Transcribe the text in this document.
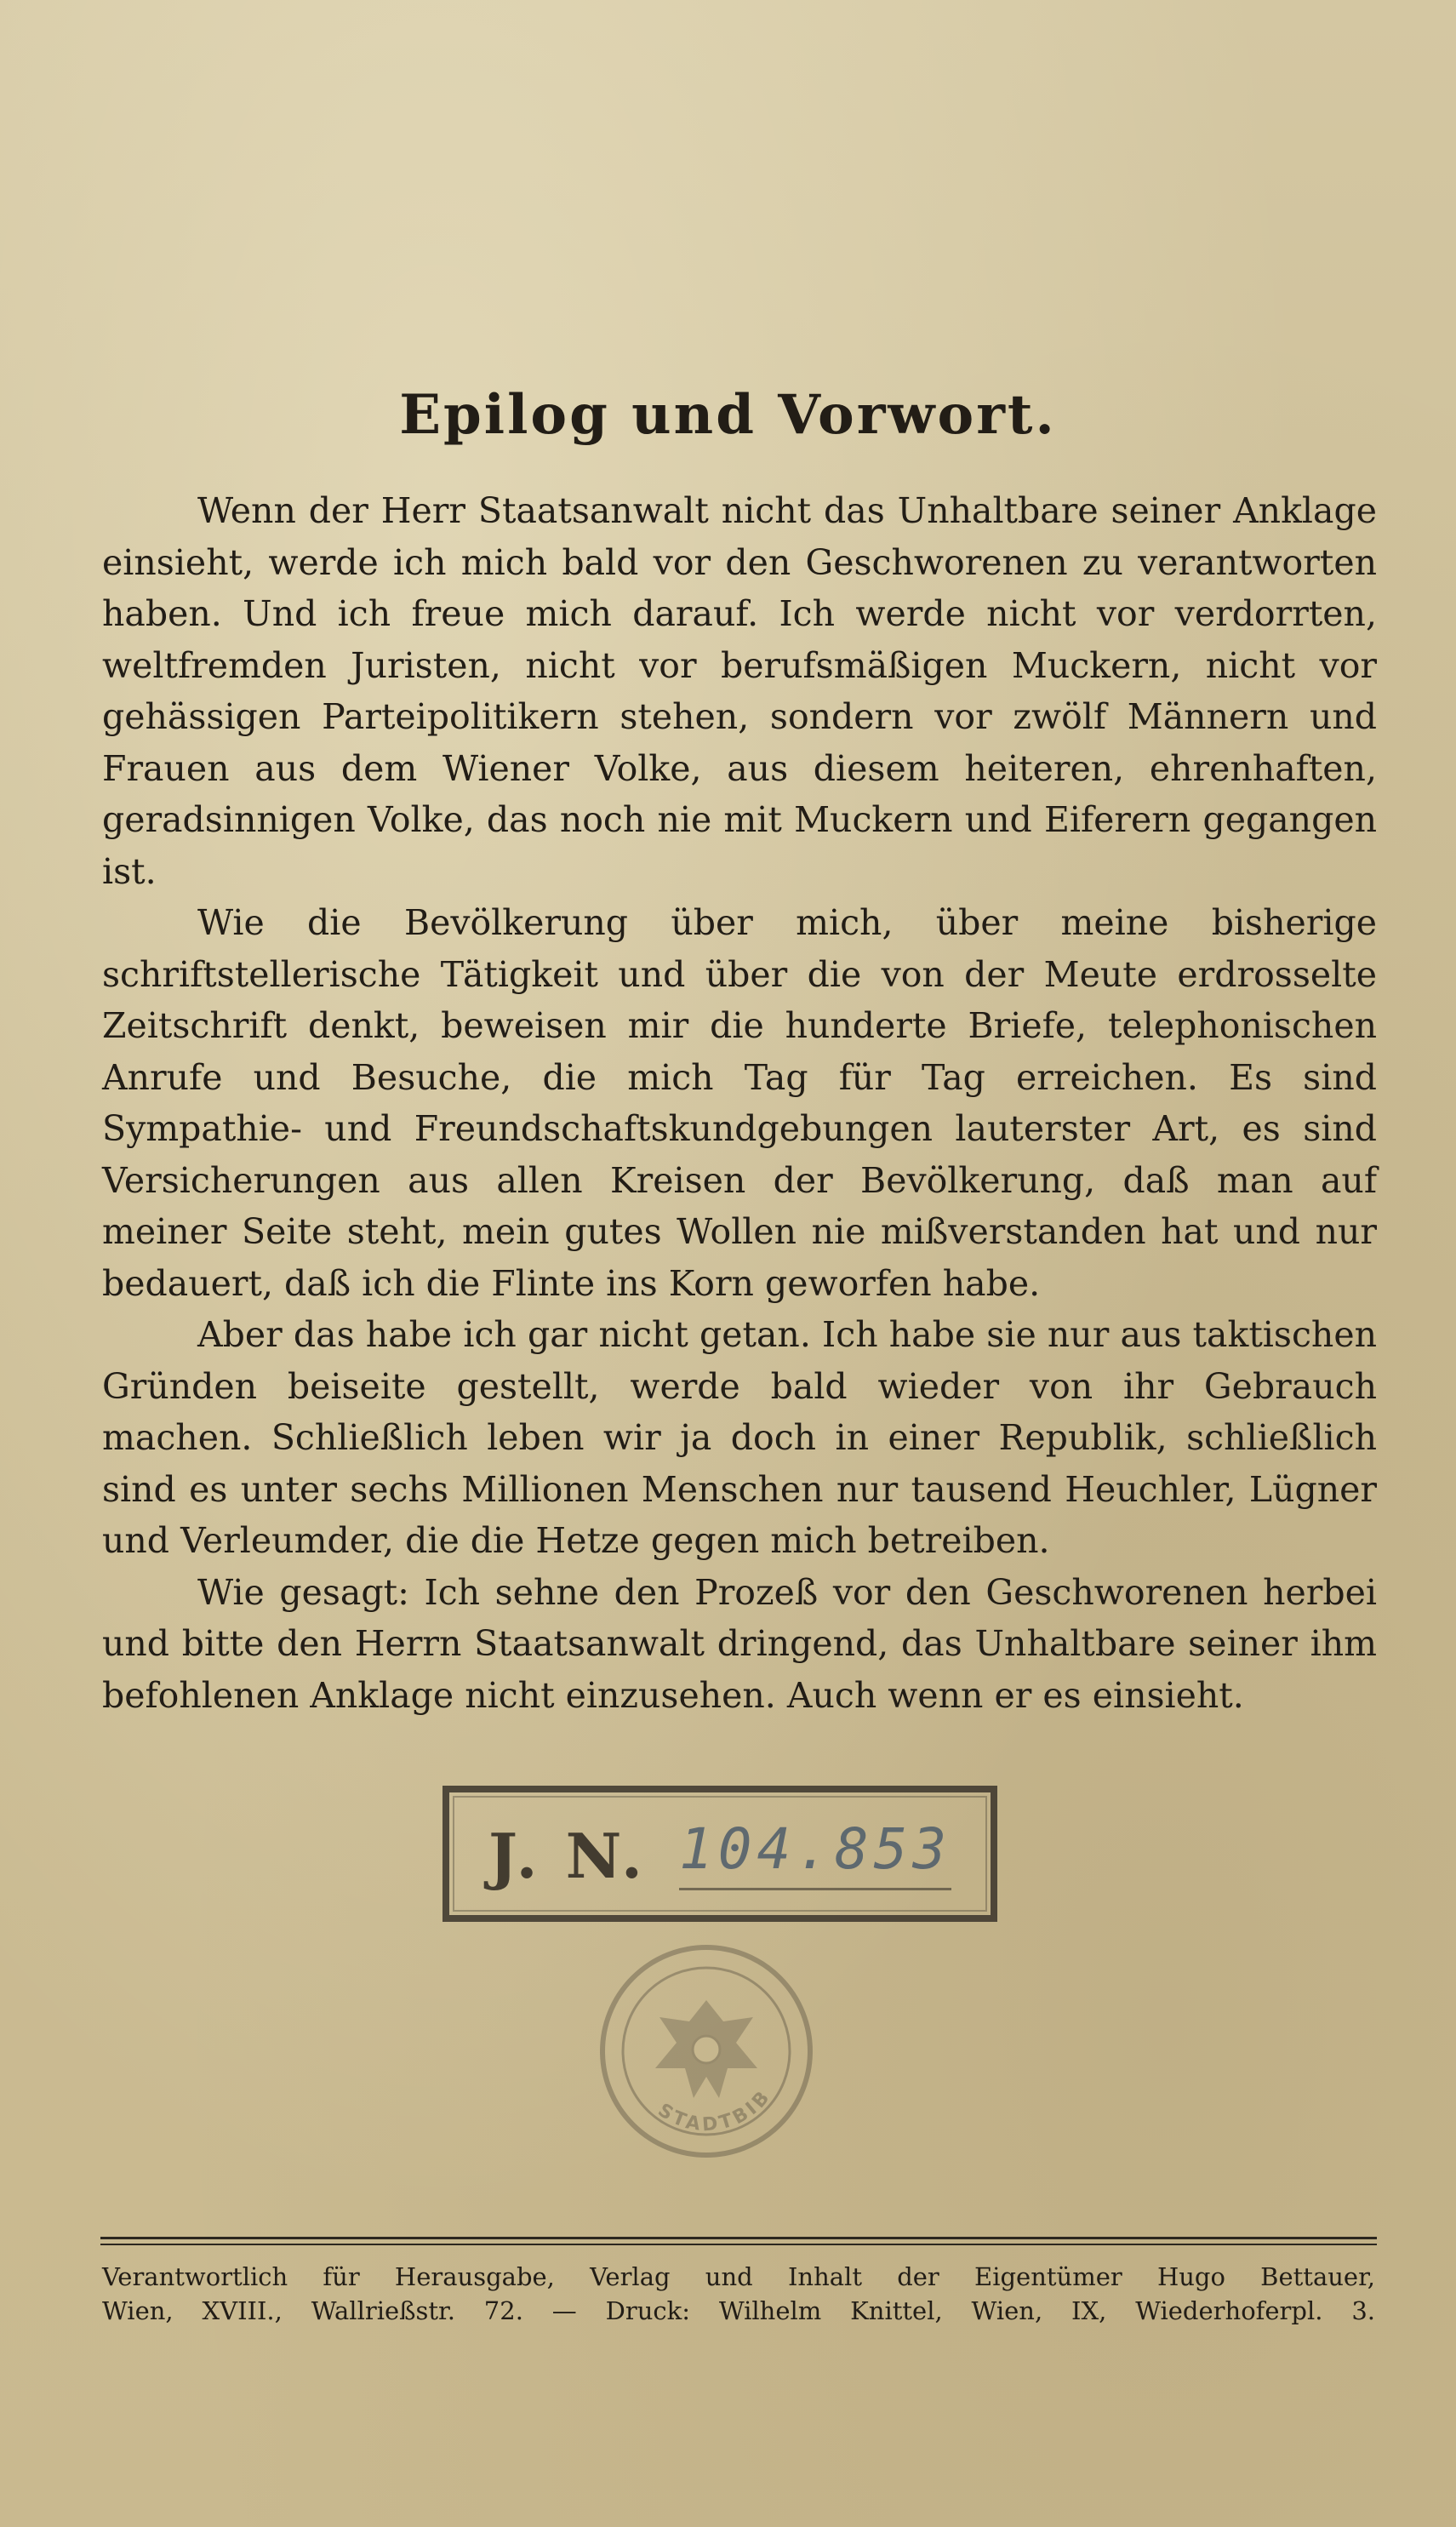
Epilog und Vorwort.

Wenn der Herr Staatsanwalt nicht das Unhaltbare seiner Anklage einsieht, werde ich mich bald vor den Geschworenen zu verantworten haben. Und ich freue mich darauf. Ich werde nicht vor verdorrten, weltfremden Juristen, nicht vor berufsmäßigen Muckern, nicht vor gehässigen Parteipolitikern stehen, sondern vor zwölf Männern und Frauen aus dem Wiener Volke, aus diesem heiteren, ehrenhaften, geradsinnigen Volke, das noch nie mit Muckern und Eiferern gegangen ist.

Wie die Bevölkerung über mich, über meine bisherige schriftstellerische Tätigkeit und über die von der Meute erdrosselte Zeitschrift denkt, beweisen mir die hunderte Briefe, telephonischen Anrufe und Besuche, die mich Tag für Tag erreichen. Es sind Sympathie- und Freundschaftskundgebungen lauterster Art, es sind Versicherungen aus allen Kreisen der Bevölkerung, daß man auf meiner Seite steht, mein gutes Wollen nie mißverstanden hat und nur bedauert, daß ich die Flinte ins Korn geworfen habe.

Aber das habe ich gar nicht getan. Ich habe sie nur aus taktischen Gründen beiseite gestellt, werde bald wieder von ihr Gebrauch machen. Schließlich leben wir ja doch in einer Republik, schließlich sind es unter sechs Millionen Menschen nur tausend Heuchler, Lügner und Verleumder, die die Hetze gegen mich betreiben.

Wie gesagt: Ich sehne den Prozeß vor den Geschworenen herbei und bitte den Herrn Staatsanwalt dringend, das Unhaltbare seiner ihm befohlenen Anklage nicht einzusehen. Auch wenn er es einsieht.

J. N. 104.853
STADTBIB

Verantwortlich für Herausgabe, Verlag und Inhalt der Eigentümer Hugo Bettauer,

Wien, XVIII., Wallrießstr. 72. — Druck: Wilhelm Knittel, Wien, IX, Wiederhoferpl. 3.
